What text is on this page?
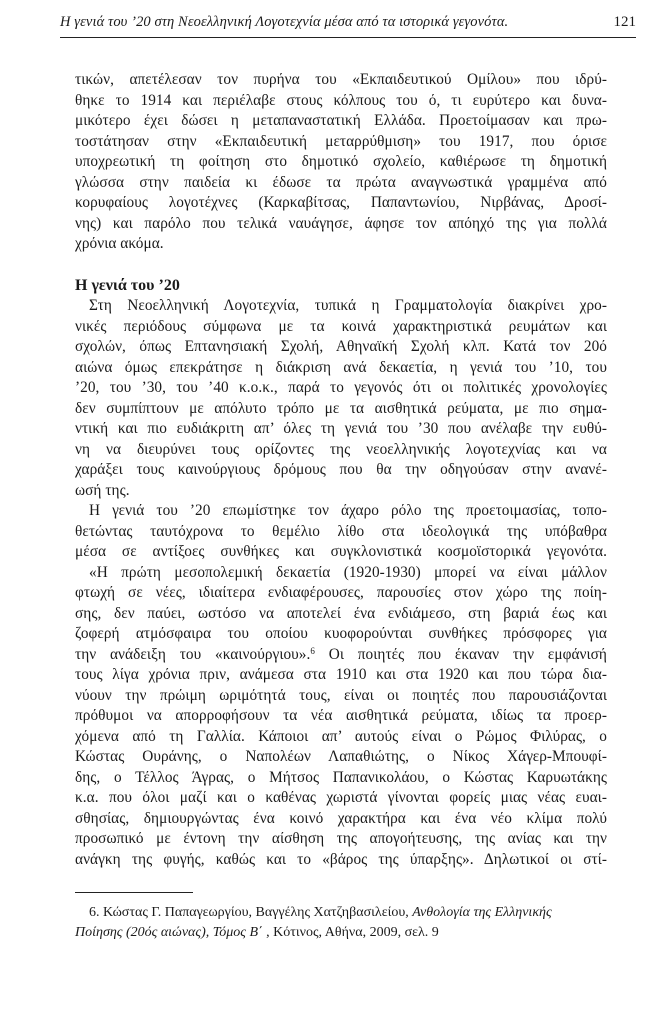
Η γενιά του ’20 στη Νεοελληνική Λογοτεχνία μέσα από τα ιστορικά γεγονότα.	121
τικών, απετέλεσαν τον πυρήνα του «Εκπαιδευτικού Ομίλου» που ιδρύ-
θηκε το 1914 και περιέλαβε στους κόλπους του ό, τι ευρύτερο και δυνα-
μικότερο έχει δώσει η μεταπαναστατική Ελλάδα. Προετοίμασαν και πρω-
τοστάτησαν στην «Εκπαιδευτική μεταρρύθμιση» του 1917, που όρισε
υποχρεωτική τη φοίτηση στο δημοτικό σχολείο, καθιέρωσε τη δημοτική
γλώσσα στην παιδεία κι έδωσε τα πρώτα αναγνωστικά γραμμένα από
κορυφαίους λογοτέχνες (Καρκαβίτσας, Παπαντωνίου, Νιρβάνας, Δροσί-
νης) και παρόλο που τελικά ναυάγησε, άφησε τον απόηχό της για πολλά
χρόνια ακόμα.
Η γενιά του ’20
Στη Νεοελληνική Λογοτεχνία, τυπικά η Γραμματολογία διακρίνει χρο-
νικές περιόδους σύμφωνα με τα κοινά χαρακτηριστικά ρευμάτων και
σχολών, όπως Επτανησιακή Σχολή, Αθηναϊκή Σχολή κλπ. Κατά τον 20ό
αιώνα όμως επεκράτησε η διάκριση ανά δεκαετία, η γενιά του ’10, του
’20, του ’30, του ’40 κ.ο.κ., παρά το γεγονός ότι οι πολιτικές χρονολογίες
δεν συμπίπτουν με απόλυτο τρόπο με τα αισθητικά ρεύματα, με πιο σημα-
ντική και πιο ευδιάκριτη απ’ όλες τη γενιά του ’30 που ανέλαβε την ευθύ-
νη να διευρύνει τους ορίζοντες της νεοελληνικής λογοτεχνίας και να
χαράξει τους καινούργιους δρόμους που θα την οδηγούσαν στην ανανέ-
ωσή της.
Η γενιά του ’20 επωμίστηκε τον άχαρο ρόλο της προετοιμασίας, τοπο-
θετώντας ταυτόχρονα το θεμέλιο λίθο στα ιδεολογικά της υπόβαθρα
μέσα σε αντίξοες συνθήκες και συγκλονιστικά κοσμοϊστορικά γεγονότα.
«Η πρώτη μεσοπολεμική δεκαετία (1920-1930) μπορεί να είναι μάλλον
φτωχή σε νέες, ιδιαίτερα ενδιαφέρουσες, παρουσίες στον χώρο της ποίη-
σης, δεν παύει, ωστόσο να αποτελεί ένα ενδιάμεσο, στη βαριά έως και
ζοφερή ατμόσφαιρα του οποίου κυοφορούνται συνθήκες πρόσφορες για
την ανάδειξη του «καινούργιου».$^6$ Οι ποιητές που έκαναν την εμφάνισή
τους λίγα χρόνια πριν, ανάμεσα στα 1910 και στα 1920 και που τώρα δια-
νύουν την πρώιμη ωριμότητά τους, είναι οι ποιητές που παρουσιάζονται
πρόθυμοι να απορροφήσουν τα νέα αισθητικά ρεύματα, ιδίως τα προερ-
χόμενα από τη Γαλλία. Κάποιοι απ’ αυτούς είναι ο Ρώμος Φιλύρας, ο
Κώστας Ουράνης, ο Ναπολέων Λαπαθιώτης, ο Νίκος Χάγερ-Μπουφί-
δης, ο Τέλλος Άγρας, ο Μήτσος Παπανικολάου, ο Κώστας Καρυωτάκης
κ.α. που όλοι μαζί και ο καθένας χωριστά γίνονται φορείς μιας νέας ευαι-
σθησίας, δημιουργώντας ένα κοινό χαρακτήρα και ένα νέο κλίμα πολύ
προσωπικό με έντονη την αίσθηση της απογοήτευσης, της ανίας και την
ανάγκη της φυγής, καθώς και το «βάρος της ύπαρξης». Δηλωτικοί οι στί-
6. Κώστας Γ. Παπαγεωργίου, Βαγγέλης Χατζηβασιλείου, Ανθολογία της Ελληνικής
Ποίησης (20ός αιώνας), Τόμος Β΄ , Κότινος, Αθήνα, 2009, σελ. 9
